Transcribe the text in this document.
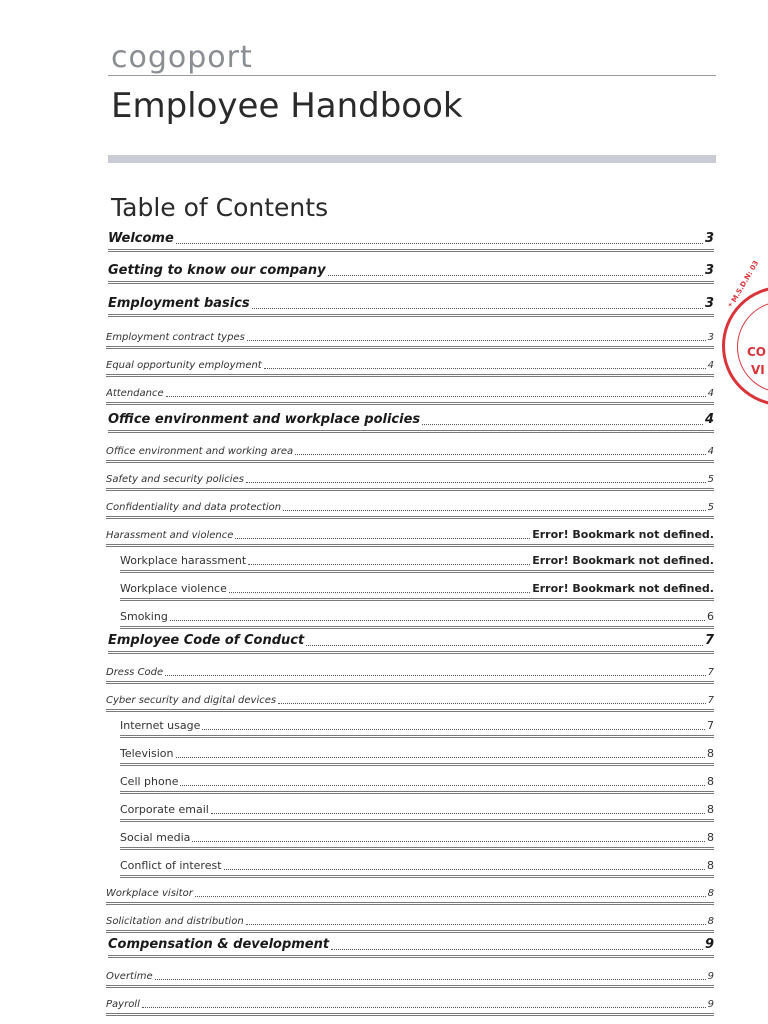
cogoport
Employee Handbook
Table of Contents
Welcome	3
Getting to know our company	3
Employment basics	3
Employment contract types	3
Equal opportunity employment	4
Attendance	4
Office environment and workplace policies	4
Office environment and working area	4
Safety and security policies	5
Confidentiality and data protection	5
Harassment and violence	Error! Bookmark not defined.
Workplace harassment	Error! Bookmark not defined.
Workplace violence	Error! Bookmark not defined.
Smoking	6
Employee Code of Conduct	7
Dress Code	7
Cyber security and digital devices	7
Internet usage	7
Television	8
Cell phone	8
Corporate email	8
Social media	8
Conflict of interest	8
Workplace visitor	8
Solicitation and distribution	8
Compensation & development	9
Overtime	9
Payroll	9
* M.S.D.N: 03
CO
VI
